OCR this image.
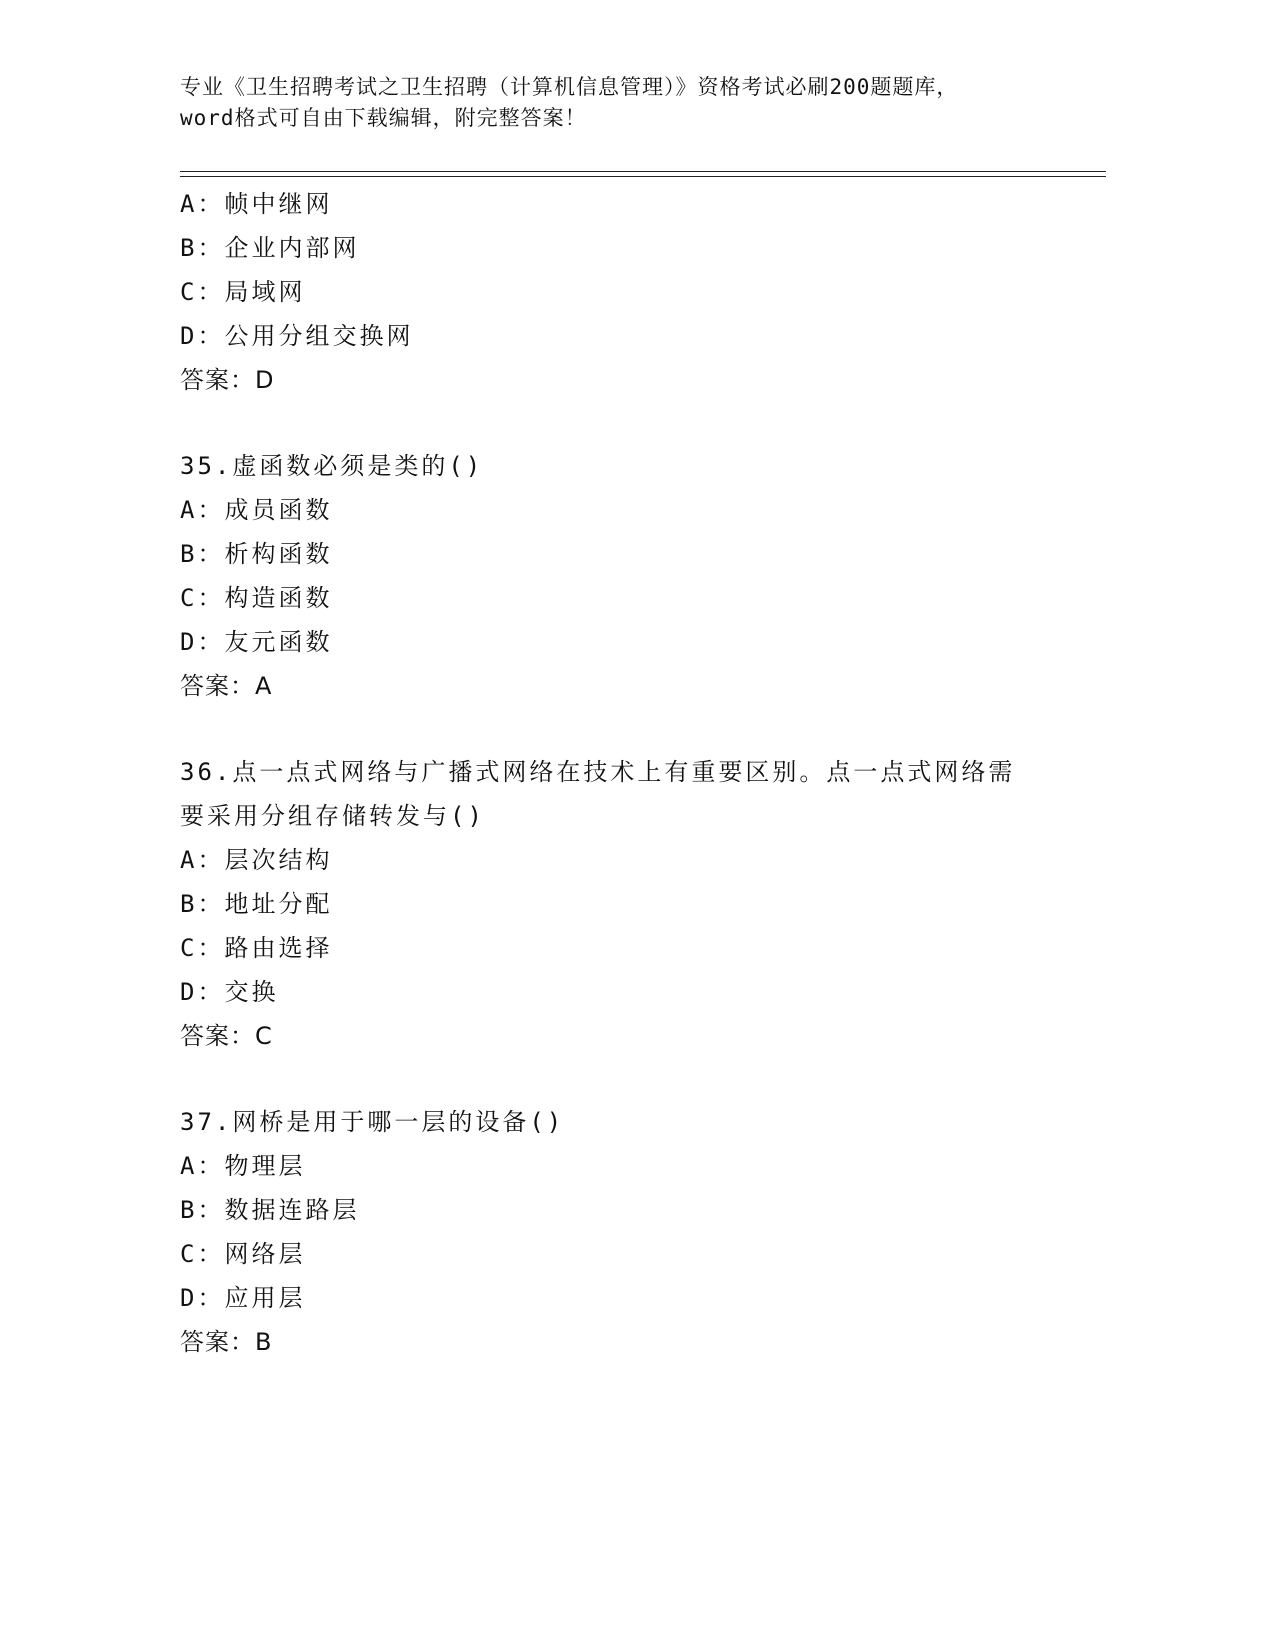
专业《卫生招聘考试之卫生招聘（计算机信息管理）》资格考试必刷200题题库，
word格式可自由下载编辑，附完整答案！
A：帧中继网
B：企业内部网
C：局域网
D：公用分组交换网
答案：D
35.虚函数必须是类的()
A：成员函数
B：析构函数
C：构造函数
D：友元函数
答案：A
36.点一点式网络与广播式网络在技术上有重要区别。点一点式网络需
要采用分组存储转发与()
A：层次结构
B：地址分配
C：路由选择
D：交换
答案：C
37.网桥是用于哪一层的设备()
A：物理层
B：数据连路层
C：网络层
D：应用层
答案：B
